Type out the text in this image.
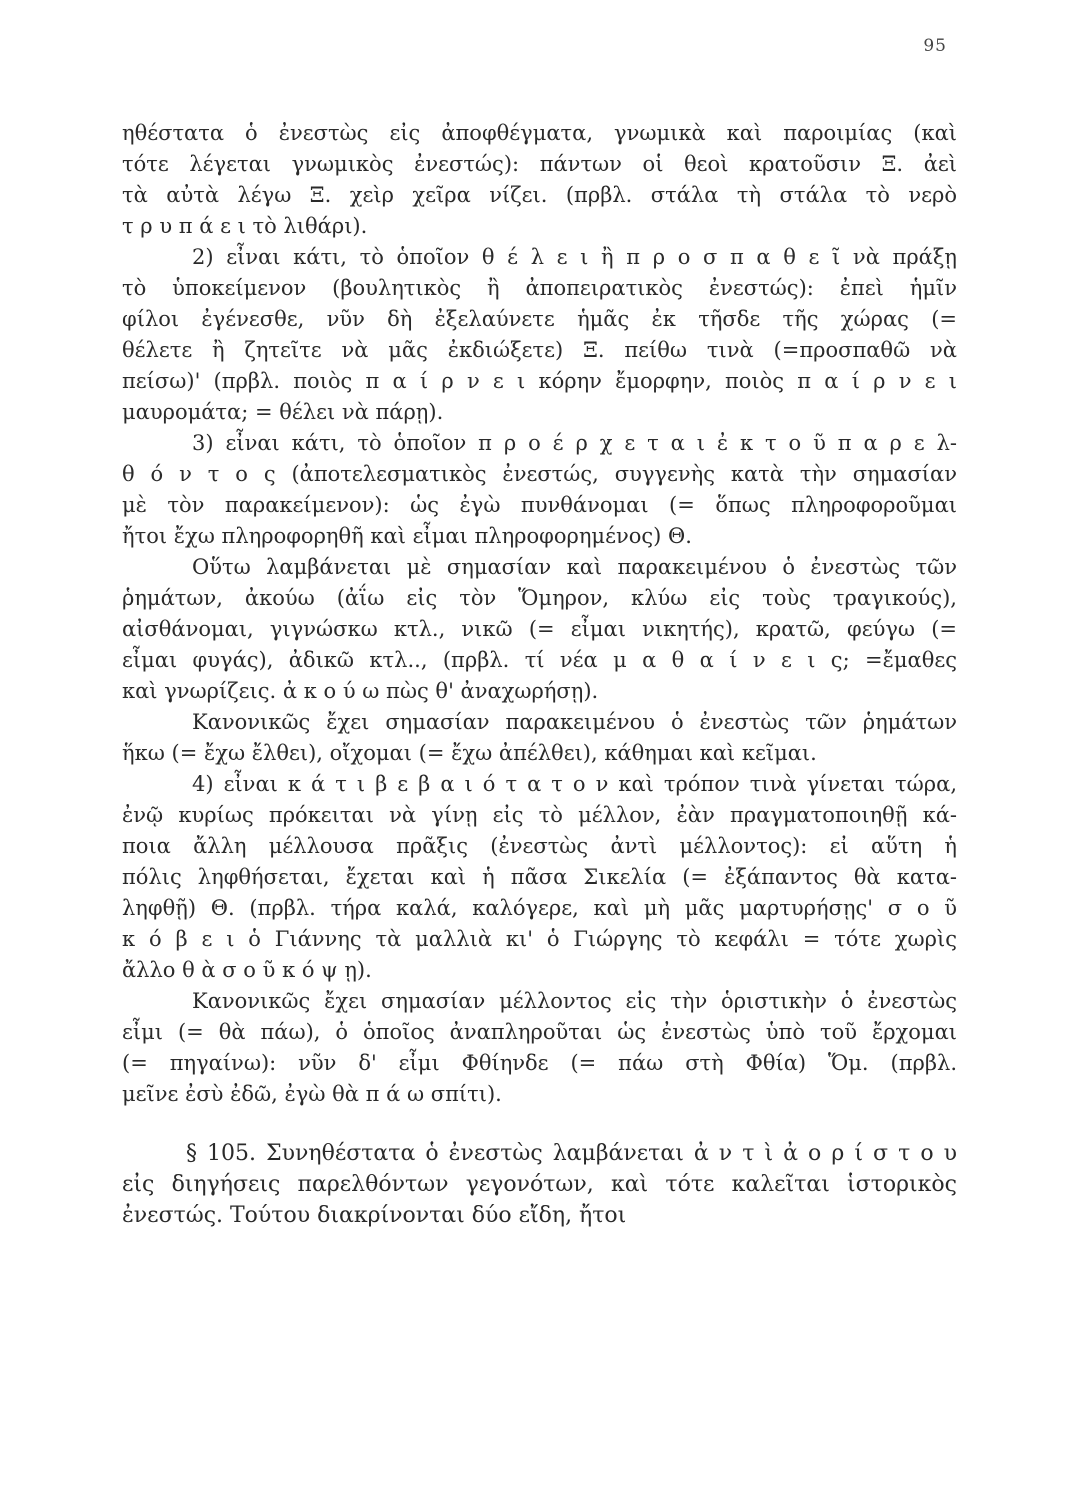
95
ηθέστατα ὁ ἐνεστὼς εἰς ἀποφθέγματα, γνωμικὰ καὶ παροιμίας (καὶ
τότε λέγεται γνωμικὸς ἐνεστώς): πάντων οἱ θεοὶ κρατοῦσιν Ξ. ἀεὶ
τὰ αὐτὰ λέγω Ξ. χεὶρ χεῖρα νίζει. (πρβλ. στάλα τὴ στάλα τὸ νερὸ
τ ρ υ π ά ε ι τὸ λιθάρι).
2) εἶναι κάτι, τὸ ὁποῖον θ έ λ ε ι ἢ π ρ ο σ π α θ ε ῖ νὰ πράξῃ
τὸ ὑποκείμενον (βουλητικὸς ἢ ἀποπειρατικὸς ἐνεστώς): ἐπεὶ ἡμῖν
φίλοι ἐγένεσθε, νῦν δὴ ἐξελαύνετε ἡμᾶς ἐκ τῆσδε τῆς χώρας (=
θέλετε ἢ ζητεῖτε νὰ μᾶς ἐκδιώξετε) Ξ. πείθω τινὰ (=προσπαθῶ νὰ
πείσω)' (πρβλ. ποιὸς π α ί ρ ν ε ι κόρην ἔμορφην, ποιὸς π α ί ρ ν ε ι
μαυρομάτα; = θέλει νὰ πάρῃ).
3) εἶναι κάτι, τὸ ὁποῖον π ρ ο έ ρ χ ε τ α ι ἐ κ τ ο ῦ π α ρ ε λ-
θ ό ν τ ο ς (ἀποτελεσματικὸς ἐνεστώς, συγγενὴς κατὰ τὴν σημασίαν
μὲ τὸν παρακείμενον): ὡς ἐγὼ πυνθάνομαι (= ὅπως πληροφοροῦμαι
ἤτοι ἔχω πληροφορηθῆ καὶ εἶμαι πληροφορημένος) Θ.
Οὕτω λαμβάνεται μὲ σημασίαν καὶ παρακειμένου ὁ ἐνεστὼς τῶν
ῥημάτων, ἀκούω (ἀΐω εἰς τὸν Ὅμηρον, κλύω εἰς τοὺς τραγικούς),
αἰσθάνομαι, γιγνώσκω κτλ., νικῶ (= εἶμαι νικητής), κρατῶ, φεύγω (=
εἶμαι φυγάς), ἀδικῶ κτλ.., (πρβλ. τί νέα μ α θ α ί ν ε ι ς; =ἔμαθες
καὶ γνωρίζεις. ἀ κ ο ύ ω πὼς θ' ἀναχωρήσῃ).
Κανονικῶς ἔχει σημασίαν παρακειμένου ὁ ἐνεστὼς τῶν ῥημάτων
ἥκω (= ἔχω ἔλθει), οἴχομαι (= ἔχω ἀπέλθει), κάθημαι καὶ κεῖμαι.
4) εἶναι κ ά τ ι β ε β α ι ό τ α τ ο ν καὶ τρόπον τινὰ γίνεται τώρα,
ἐνῷ κυρίως πρόκειται νὰ γίνῃ εἰς τὸ μέλλον, ἐὰν πραγματοποιηθῇ κά-
ποια ἄλλη μέλλουσα πρᾶξις (ἐνεστὼς ἀντὶ μέλλοντος): εἰ αὕτη ἡ
πόλις ληφθήσεται, ἔχεται καὶ ἡ πᾶσα Σικελία (= ἐξάπαντος θὰ κατα-
ληφθῇ) Θ. (πρβλ. τήρα καλά, καλόγερε, καὶ μὴ μᾶς μαρτυρήσῃς' σ ο ῦ
κ ό β ε ι ὁ Γιάννης τὰ μαλλιὰ κι' ὁ Γιώργης τὸ κεφάλι = τότε χωρὶς
ἄλλο θ ὰ σ ο ῦ κ ό ψ ῃ).
Κανονικῶς ἔχει σημασίαν μέλλοντος εἰς τὴν ὁριστικὴν ὁ ἐνεστὼς
εἶμι (= θὰ πάω), ὁ ὁποῖος ἀναπληροῦται ὡς ἐνεστὼς ὑπὸ τοῦ ἔρχομαι
(= πηγαίνω): νῦν δ' εἶμι Φθίηνδε (= πάω στὴ Φθία) Ὅμ. (πρβλ.
μεῖνε ἐσὺ ἐδῶ, ἐγὼ θὰ π ά ω σπίτι).
§ 105. Συνηθέστατα ὁ ἐνεστὼς λαμβάνεται ἀ ν τ ὶ ἀ ο ρ ί σ τ ο υ
εἰς διηγήσεις παρελθόντων γεγονότων, καὶ τότε καλεῖται ἱστορικὸς
ἐνεστώς. Τούτου διακρίνονται δύο εἴδη, ἤτοι
